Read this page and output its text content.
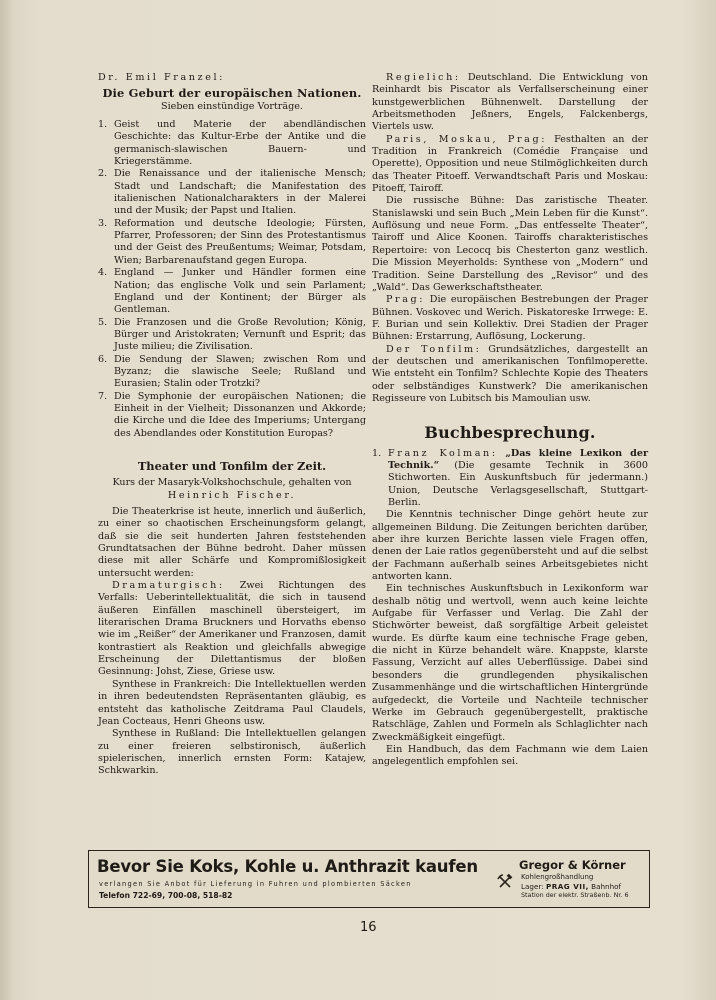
Dr. Emil Franzel:
Die Geburt der europäischen Nationen.
Sieben einstündige Vorträge.
1. Geist und Materie der abendländischen Geschichte: das Kultur-Erbe der Antike und die germanisch-slawischen Bauern- und Kriegerstämme.
2. Die Renaissance und der italienische Mensch; Stadt und Landschaft; die Manifestation des italienischen Nationalcharakters in der Malerei und der Musik; der Papst und Italien.
3. Reformation und deutsche Ideologie; Fürsten, Pfarrer, Professoren; der Sinn des Protestantismus und der Geist des Preußentums; Weimar, Potsdam, Wien; Barbarenaufstand gegen Europa.
4. England — Junker und Händler formen eine Nation; das englische Volk und sein Parlament; England und der Kontinent; der Bürger als Gentleman.
5. Die Franzosen und die Große Revolution; König, Bürger und Aristokraten; Vernunft und Esprit; das Juste milieu; die Zivilisation.
6. Die Sendung der Slawen; zwischen Rom und Byzanz; die slawische Seele; Rußland und Eurasien; Stalin oder Trotzki?
7. Die Symphonie der europäischen Nationen; die Einheit in der Vielheit; Dissonanzen und Akkorde; die Kirche und die Idee des Imperiums; Untergang des Abendlandes oder Konstitution Europas?
Theater und Tonfilm der Zeit.
Kurs der Masaryk-Volkshochschule, gehalten von
Heinrich Fischer.

Die Theaterkrise ist heute, innerlich und äußerlich, zu einer so chaotischen Erscheinungsform gelangt, daß sie die seit hunderten Jahren feststehenden Grundtatsachen der Bühne bedroht. Daher müssen diese mit aller Schärfe und Kompromißlosigkeit untersucht werden:

Dramaturgisch: Zwei Richtungen des Verfalls: Ueberintellektualität, die sich in tausend äußeren Einfällen maschinell übersteigert, im literarischen Drama Bruckners und Horvaths ebenso wie im „Reißer“ der Amerikaner und Franzosen, damit kontrastiert als Reaktion und gleichfalls abwegige Erscheinung der Dilettantismus der bloßen Gesinnung: Johst, Ziese, Griese usw.

Synthese in Frankreich: Die Intellektuellen werden in ihren bedeutendsten Repräsentanten gläubig, es entsteht das katholische Zeitdrama Paul Claudels, Jean Cocteaus, Henri Gheons usw.

Synthese in Rußland: Die Intellektuellen gelangen zu einer freieren selbstironisch, äußerlich spielerischen, innerlich ernsten Form: Katajew, Schkwarkin.

Regielich: Deutschland. Die Entwicklung von Reinhardt bis Piscator als Verfallserscheinung einer kunstgewerblichen Bühnenwelt. Darstellung der Arbeitsmethoden Jeßners, Engels, Falckenbergs, Viertels usw.

Paris, Moskau, Prag: Festhalten an der Tradition in Frankreich (Comédie Française und Operette), Opposition und neue Stilmöglichkeiten durch das Theater Pitoeff. Verwandtschaft Paris und Moskau: Pitoeff, Tairoff.

Die russische Bühne: Das zaristische Theater. Stanislawski und sein Buch „Mein Leben für die Kunst“. Auflösung und neue Form. „Das entfesselte Theater“, Tairoff und Alice Koonen. Tairoffs charakteristisches Repertoire: von Lecocq bis Chesterton ganz westlich. Die Mission Meyerholds: Synthese von „Modern“ und Tradition. Seine Darstellung des „Revisor“ und des „Wald“. Das Gewerkschaftstheater.

Prag: Die europäischen Bestrebungen der Prager Bühnen. Voskovec und Werich. Piskatoreske Irrwege: E. F. Burian und sein Kollektiv. Drei Stadien der Prager Bühnen: Erstarrung, Auflösung, Lockerung.

Der Tonfilm: Grundsätzliches, dargestellt an der deutschen und amerikanischen Tonfilmoperette. Wie entsteht ein Tonfilm? Schlechte Kopie des Theaters oder selbständiges Kunstwerk? Die amerikanischen Regisseure von Lubitsch bis Mamoulian usw.

Buchbesprechung.
1. Franz Kolman: „Das kleine Lexikon der Technik.“ (Die gesamte Technik in 3600 Stichworten. Ein Auskunftsbuch für jedermann.) Union, Deutsche Verlagsgesellschaft, Stuttgart-Berlin.

Die Kenntnis technischer Dinge gehört heute zur allgemeinen Bildung. Die Zeitungen berichten darüber, aber ihre kurzen Berichte lassen viele Fragen offen, denen der Laie ratlos gegenübersteht und auf die selbst der Fachmann außerhalb seines Arbeitsgebietes nicht antworten kann.

Ein technisches Auskunftsbuch in Lexikonform war deshalb nötig und wertvoll, wenn auch keine leichte Aufgabe für Verfasser und Verlag. Die Zahl der Stichwörter beweist, daß sorgfältige Arbeit geleistet wurde. Es dürfte kaum eine technische Frage geben, die nicht in Kürze behandelt wäre. Knappste, klarste Fassung, Verzicht auf alles Ueberflüssige. Dabei sind besonders die grundlegenden physikalischen Zusammenhänge und die wirtschaftlichen Hintergründe aufgedeckt, die Vorteile und Nachteile technischer Werke im Gebrauch gegenübergestellt, praktische Ratschläge, Zahlen und Formeln als Schlaglichter nach Zweckmäßigkeit eingefügt.

Ein Handbuch, das dem Fachmann wie dem Laien angelegentlich empfohlen sei.

Bevor Sie Koks, Kohle u. Anthrazit kaufen
verlangen Sie Anbot für Lieferung in Fuhren und plombierten Säcken
Telefon 722-69, 700-08, 518-82
Gregor & Körner
Kohlengroßhandlung
Lager: PRAG VII, Bahnhof
Station der elektr. Straßenb. Nr. 6
16
